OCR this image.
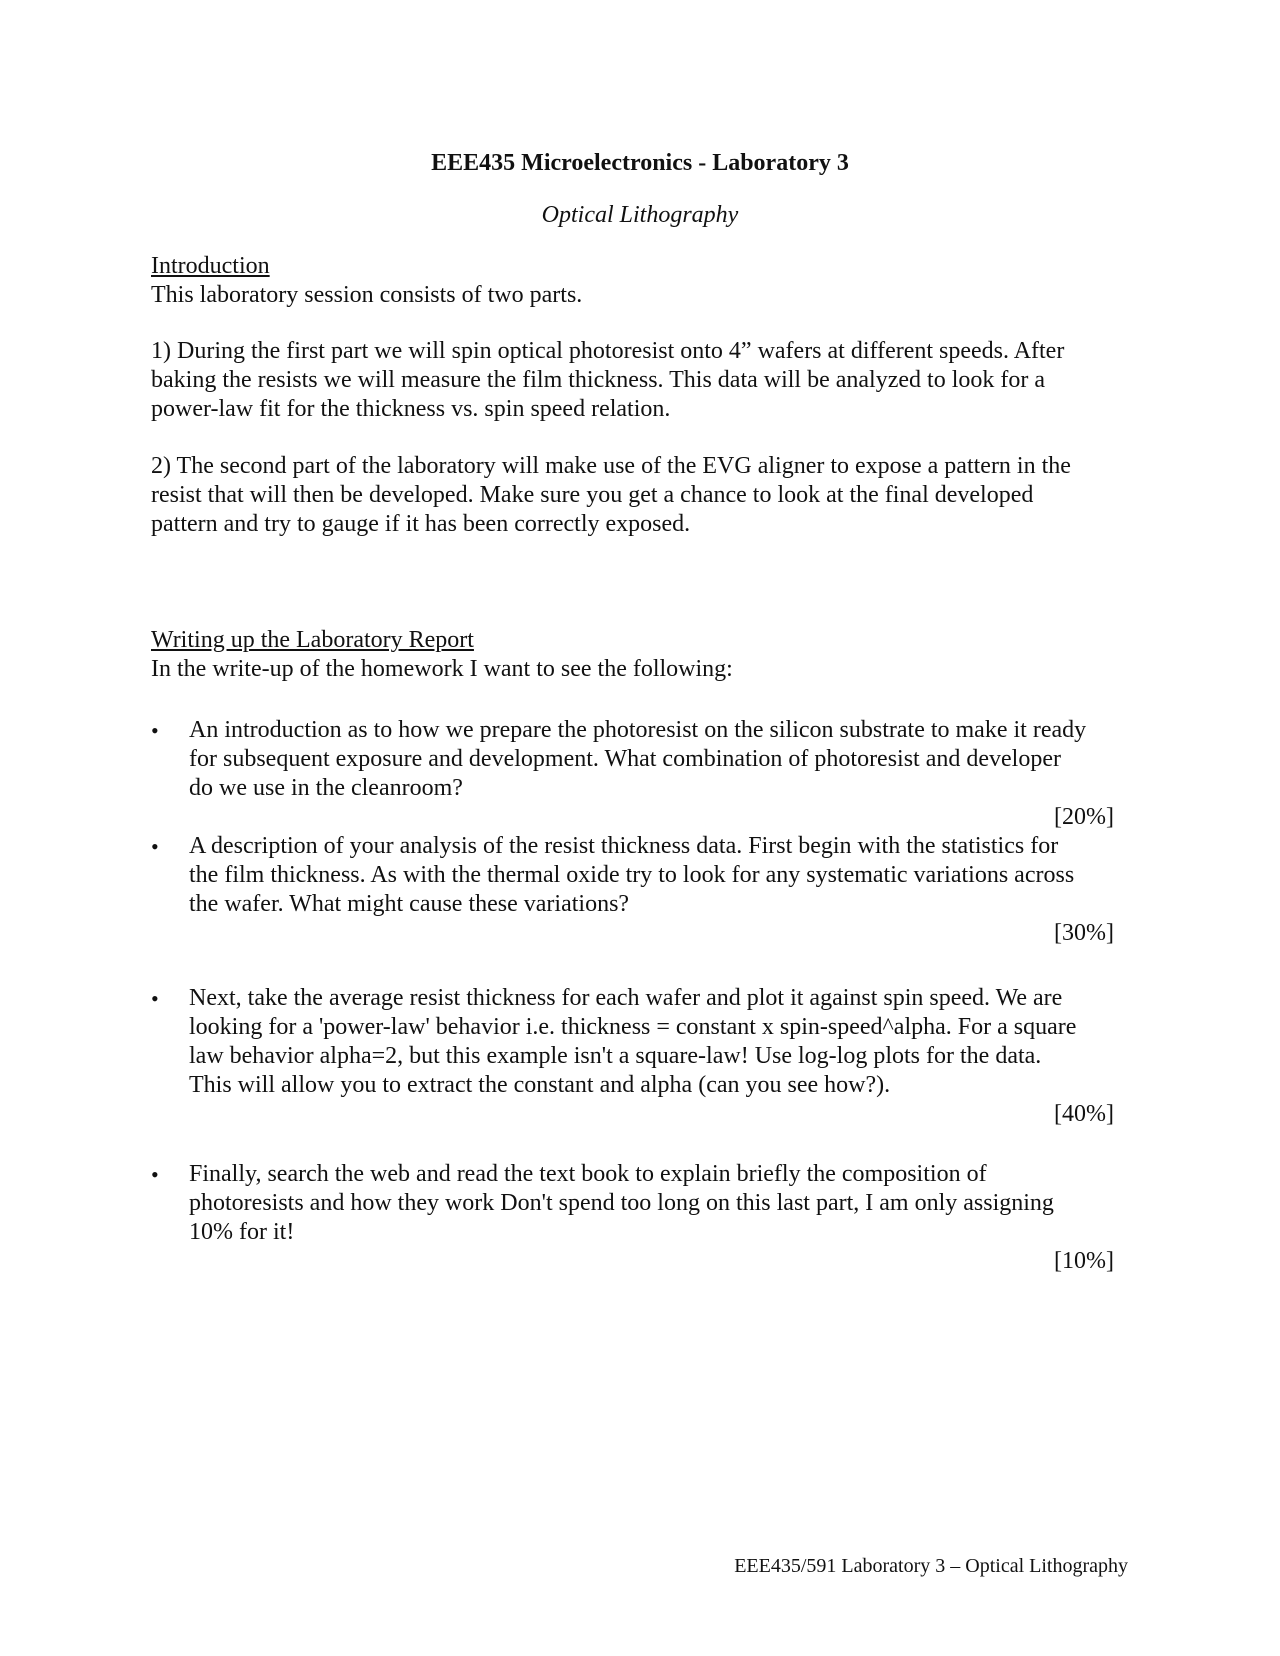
EEE435 Microelectronics - Laboratory 3
Optical Lithography
Introduction
This laboratory session consists of two parts.
1) During the first part we will spin optical photoresist onto 4” wafers at different speeds. After
baking the resists we will measure the film thickness. This data will be analyzed to look for a
power-law fit for the thickness vs. spin speed relation.
2) The second part of the laboratory will make use of the EVG aligner to expose a pattern in the
resist that will then be developed. Make sure you get a chance to look at the final developed
pattern and try to gauge if it has been correctly exposed.
Writing up the Laboratory Report
In the write-up of the homework I want to see the following:
•	An introduction as to how we prepare the photoresist on the silicon substrate to make it ready
for subsequent exposure and development. What combination of photoresist and developer
do we use in the cleanroom?
[20%]
•	A description of your analysis of the resist thickness data. First begin with the statistics for
the film thickness. As with the thermal oxide try to look for any systematic variations across
the wafer. What might cause these variations?
[30%]
•	Next, take the average resist thickness for each wafer and plot it against spin speed. We are
looking for a 'power-law' behavior i.e. thickness = constant x spin-speed^alpha. For a square
law behavior alpha=2, but this example isn't a square-law! Use log-log plots for the data.
This will allow you to extract the constant and alpha (can you see how?).
[40%]
•	Finally, search the web and read the text book to explain briefly the composition of
photoresists and how they work Don't spend too long on this last part, I am only assigning
10% for it!
[10%]
EEE435/591 Laboratory 3 – Optical Lithography
